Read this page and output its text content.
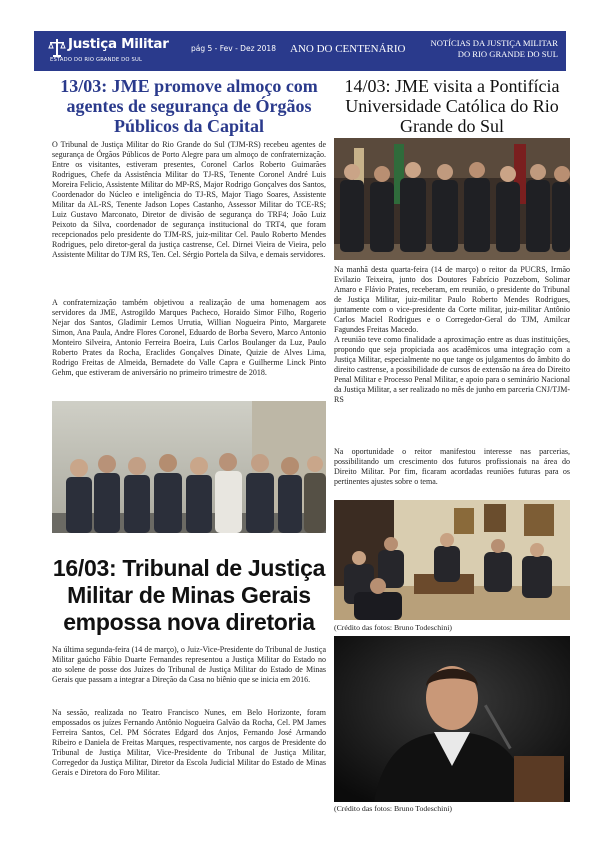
Justiça Militar
ESTADO DO RIO GRANDE DO SUL
pág 5 - Fev - Dez 2018 ANO DO CENTENÁRIO	NOTÍCIAS DA JUSTIÇA MILITAR
DO RIO GRANDE DO SUL
13/03: JME promove almoço com agentes de segurança de Órgãos Públicos da Capital

O Tribunal de Justiça Militar do Rio Grande do Sul (TJM-RS) recebeu agentes de segurança de Órgãos Públicos de Porto Alegre para um almoço de confraternização. Entre os visitantes, estiveram presentes, Coronel Carlos Roberto Guimarães Rodrigues, Chefe da Assistência Militar do TJ-RS, Tenente Coronel André Luis Moreira Felicio, Assistente Militar do MP-RS, Major Rodrigo Gonçalves dos Santos, Coordenador do Núcleo e inteligência do TJ-RS, Major Tiago Soares, Assistente Militar da AL-RS, Tenente Jadson Lopes Castanho, Assessor Militar do TCE-RS; Luiz Gustavo Marconato, Diretor de divisão de segurança do TRF4; João Luiz Peixoto da Silva, coordenador de segurança institucional do TRT4, que foram recepcionados pelo presidente do TJM-RS, juiz-militar Cel. Paulo Roberto Mendes Rodrigues, pelo diretor-geral da justiça castrense, Cel. Dirnei Vieira de Vieira, pelo Assistente Militar do TJM RS, Ten. Cel. Sérgio Portela da Silva, e demais servidores.

A confraternização também objetivou a realização de uma homenagem aos servidores da JME, Astrogildo Marques Pacheco, Horaido Simor Filho, Rogerio Nejar dos Santos, Gladimir Lemos Urrutia, Willian Nogueira Pinto, Margarete Simon, Ana Paula, Andre Flores Coronel, Eduardo de Borba Severo, Marco Antonio Monteiro Silveira, Antonio Ferreira Boeira, Luis Carlos Boulanger da Luz, Paulo Roberto Prates da Rocha, Eraclides Gonçalves Dinate, Quizie de Alves Lima, Rodrigo Freitas de Almeida, Bernadete do Valle Capra e Guilherme Linck Pinto Gehm, que estiveram de aniversário no primeiro trimestre de 2018.

16/03: Tribunal de Justiça Militar de Minas Gerais empossa nova diretoria

Na última segunda-feira (14 de março), o Juiz-Vice-Presidente do Tribunal de Justiça Militar gaúcho Fábio Duarte Fernandes representou a Justiça Militar do Estado no ato solene de posse dos Juízes do Tribunal de Justiça Militar do Estado de Minas Gerais que passam a integrar a Direção da Casa no biênio que se inicia em 2016.

Na sessão, realizada no Teatro Francisco Nunes, em Belo Horizonte, foram empossados os juízes Fernando Antônio Nogueira Galvão da Rocha, Cel. PM James Ferreira Santos, Cel. PM Sócrates Edgard dos Anjos, Fernando José Armando Ribeiro e Daniela de Freitas Marques, respectivamente, nos cargos de Presidente do Tribunal de Justiça Militar, Vice-Presidente do Tribunal de Justiça Militar, Corregedor da Justiça Militar, Diretor da Escola Judicial Militar do Estado de Minas Gerais e Diretora do Foro Militar.

14/03: JME visita a Pontifícia Universidade Católica do Rio Grande do Sul

Na manhã desta quarta-feira (14 de março) o reitor da PUCRS, Irmão Evilazio Teixeira, junto dos Doutores Fabrício Pozzebom, Solimar Amaro e Flávio Prates, receberam, em reunião, o presidente do Tribunal de Justiça Militar, juiz-militar Paulo Roberto Mendes Rodrigues, juntamente com o vice-presidente da Corte militar, juiz-militar Antônio Carlos Maciel Rodrigues e o Corregedor-Geral do TJM, Amilcar Fagundes Freitas Macedo.

A reunião teve como finalidade a aproximação entre as duas instituições, propondo que seja propiciada aos acadêmicos uma integração com a Justiça Militar, especialmente no que tange os julgamentos do âmbito do direito castrense, a possibilidade de cursos de extensão na área do Direito Penal Militar e Processo Penal Militar, e apoio para o seminário Nacional da Justiça Militar, a ser realizado no mês de junho em parceria CNJ/TJM-RS

Na oportunidade o reitor manifestou interesse nas parcerias, possibilitando um crescimento dos futuros profissionais na área do Direito Militar. Por fim, ficaram acordadas reuniões futuras para os pertinentes ajustes sobre o tema.

(Crédito das fotos: Bruno Todeschini)

(Crédito das fotos: Bruno Todeschini)
